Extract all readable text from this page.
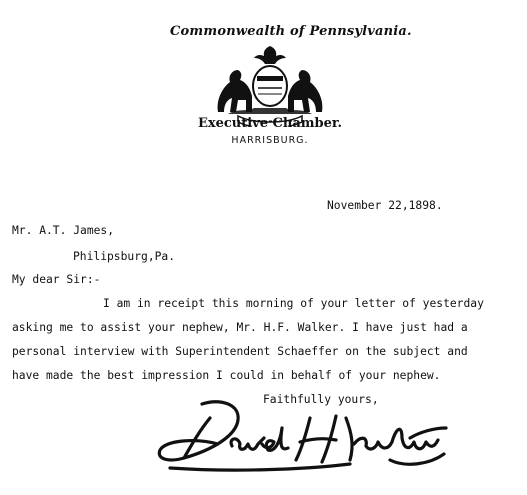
Commonwealth of Pennsylvania.
Executive Chamber.
HARRISBURG.
November 22,1898.
Mr. A.T. James,
Philipsburg,Pa.
My dear Sir:-
I am in receipt this morning of your letter of yesterday
asking me to assist your nephew, Mr. H.F. Walker. I have just had a
personal interview with Superintendent Schaeffer on the subject and
have made the best impression I could in behalf of your nephew.
Faithfully yours,
